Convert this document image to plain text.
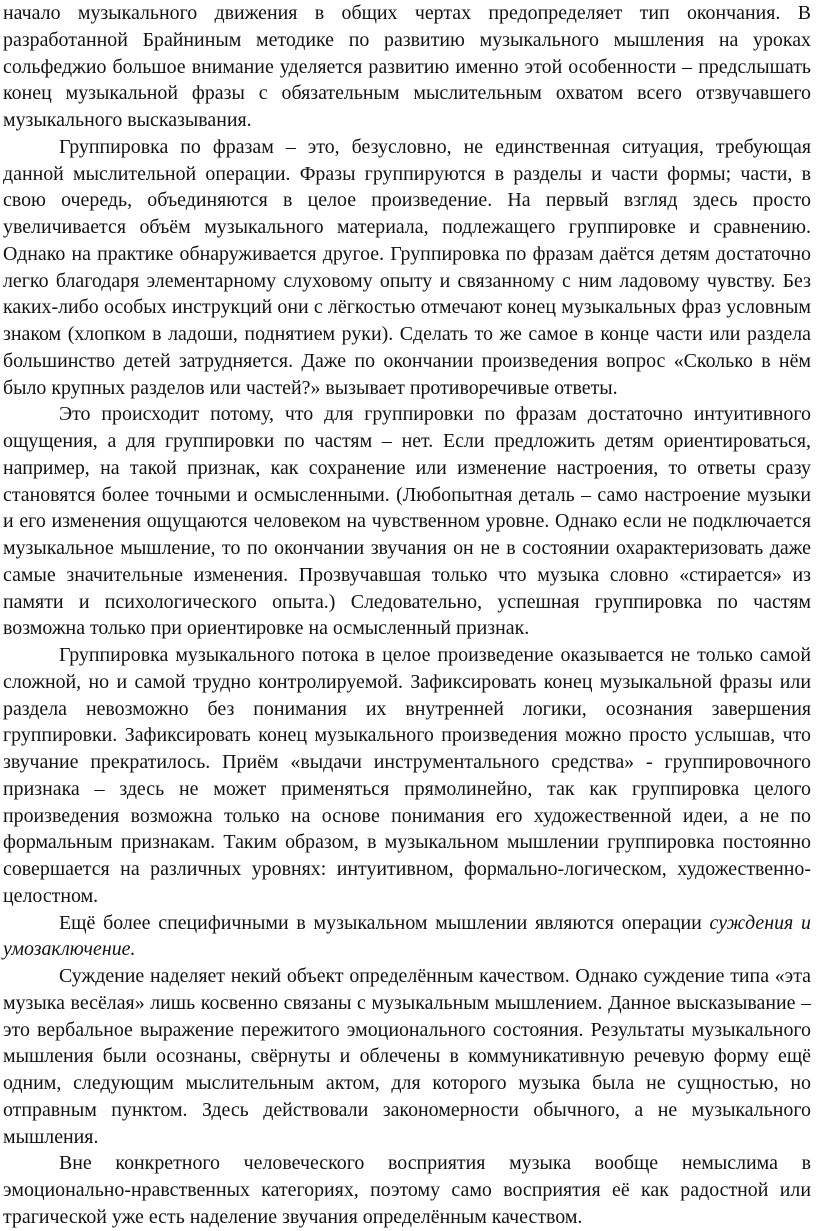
начало музыкального движения в общих чертах предопределяет тип окончания. В разработанной Брайниным методике по развитию музыкального мышления на уроках сольфеджио большое внимание уделяется развитию именно этой особенности – предслышать конец музыкальной фразы с обязательным мыслительным охватом всего отзвучавшего музыкального высказывания.

Группировка по фразам – это, безусловно, не единственная ситуация, требующая данной мыслительной операции. Фразы группируются в разделы и части формы; части, в свою очередь, объединяются в целое произведение. На первый взгляд здесь просто увеличивается объём музыкального материала, подлежащего группировке и сравнению. Однако на практике обнаруживается другое. Группировка по фразам даётся детям достаточно легко благодаря элементарному слуховому опыту и связанному с ним ладовому чувству. Без каких-либо особых инструкций они с лёгкостью отмечают конец музыкальных фраз условным знаком (хлопком в ладоши, поднятием руки). Сделать то же самое в конце части или раздела большинство детей затрудняется. Даже по окончании произведения вопрос «Сколько в нём было крупных разделов или частей?» вызывает противоречивые ответы.

Это происходит потому, что для группировки по фразам достаточно интуитивного ощущения, а для группировки по частям – нет. Если предложить детям ориентироваться, например, на такой признак, как сохранение или изменение настроения, то ответы сразу становятся более точными и осмысленными. (Любопытная деталь – само настроение музыки и его изменения ощущаются человеком на чувственном уровне. Однако если не подключается музыкальное мышление, то по окончании звучания он не в состоянии охарактеризовать даже самые значительные изменения. Прозвучавшая только что музыка словно «стирается» из памяти и психологического опыта.) Следовательно, успешная группировка по частям возможна только при ориентировке на осмысленный признак.

Группировка музыкального потока в целое произведение оказывается не только самой сложной, но и самой трудно контролируемой. Зафиксировать конец музыкальной фразы или раздела невозможно без понимания их внутренней логики, осознания завершения группировки. Зафиксировать конец музыкального произведения можно просто услышав, что звучание прекратилось. Приём «выдачи инструментального средства» - группировочного признака – здесь не может применяться прямолинейно, так как группировка целого произведения возможна только на основе понимания его художественной идеи, а не по формальным признакам. Таким образом, в музыкальном мышлении группировка постоянно совершается на различных уровнях: интуитивном, формально-логическом, художественно-целостном.

Ещё более специфичными в музыкальном мышлении являются операции суждения и умозаключение.

Суждение наделяет некий объект определённым качеством. Однако суждение типа «эта музыка весёлая» лишь косвенно связаны с музыкальным мышлением. Данное высказывание – это вербальное выражение пережитого эмоционального состояния. Результаты музыкального мышления были осознаны, свёрнуты и облечены в коммуникативную речевую форму ещё одним, следующим мыслительным актом, для которого музыка была не сущностью, но отправным пунктом. Здесь действовали закономерности обычного, а не музыкального мышления.

Вне конкретного человеческого восприятия музыка вообще немыслима в эмоционально-нравственных категориях, поэтому само восприятия её как радостной или трагической уже есть наделение звучания определённым качеством.
